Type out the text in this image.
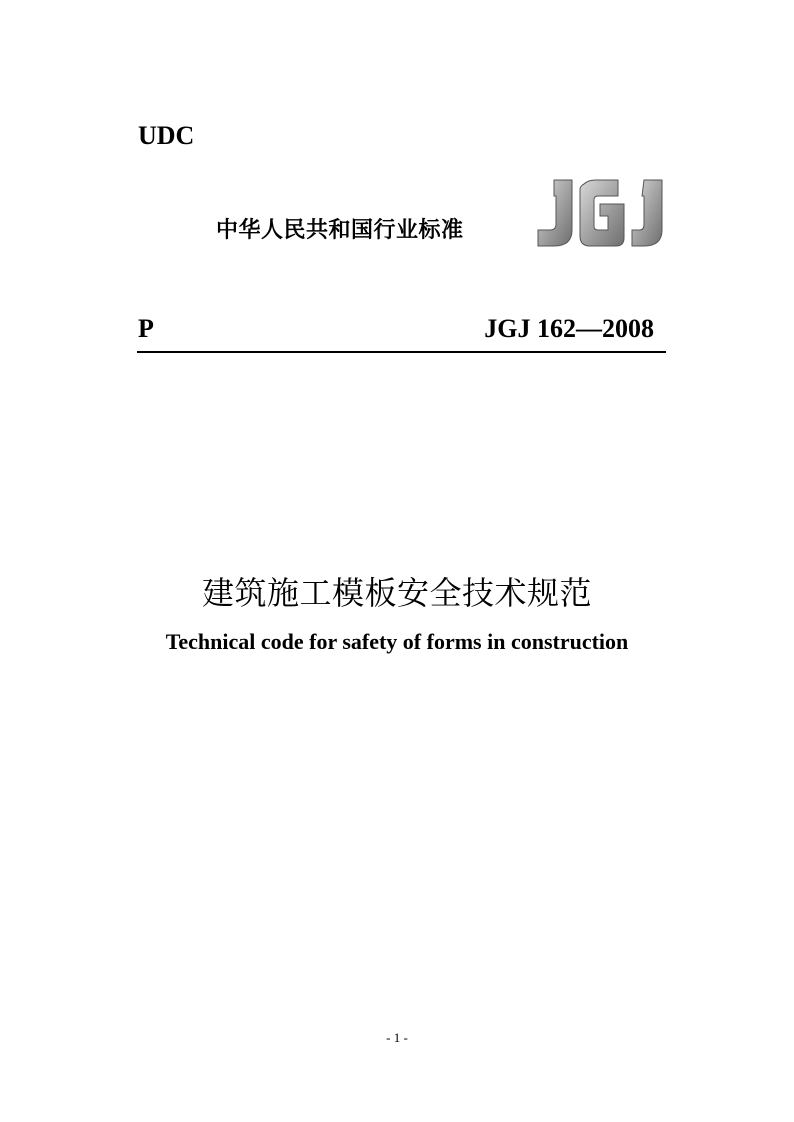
UDC
中华人民共和国行业标准
P	JGJ 162—2008
建筑施工模板安全技术规范
Technical code for safety of forms in construction
- 1 -
